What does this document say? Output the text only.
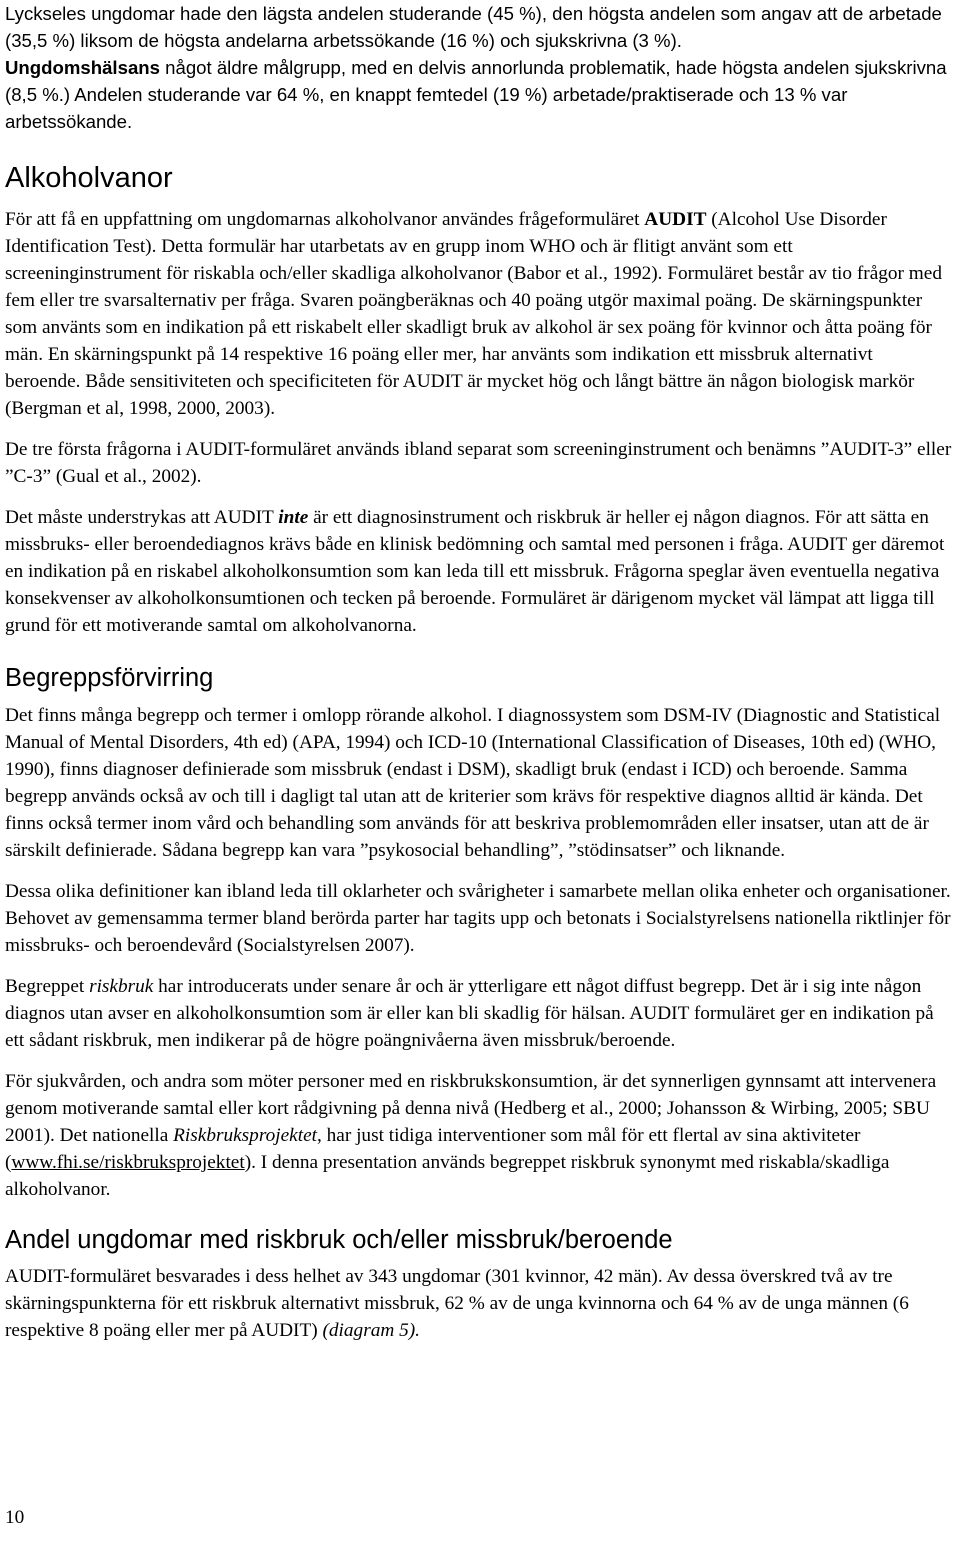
Lyckseles ungdomar hade den lägsta andelen studerande (45 %), den högsta andelen som angav att de arbetade (35,5 %) liksom de högsta andelarna arbetssökande (16 %) och sjukskrivna (3 %).

Ungdomshälsans något äldre målgrupp, med en delvis annorlunda problematik, hade högsta andelen sjukskrivna (8,5 %.) Andelen studerande var 64 %, en knappt femtedel (19 %) arbetade/praktiserade och 13 % var arbetssökande.

Alkoholvanor

För att få en uppfattning om ungdomarnas alkoholvanor användes frågeformuläret AUDIT (Alcohol Use Disorder Identification Test). Detta formulär har utarbetats av en grupp inom WHO och är flitigt använt som ett screeninginstrument för riskabla och/eller skadliga alkoholvanor (Babor et al., 1992). Formuläret består av tio frågor med fem eller tre svarsalternativ per fråga. Svaren poängberäknas och 40 poäng utgör maximal poäng. De skärningspunkter som använts som en indikation på ett riskabelt eller skadligt bruk av alkohol är sex poäng för kvinnor och åtta poäng för män. En skärningspunkt på 14 respektive 16 poäng eller mer, har använts som indikation ett missbruk alternativt beroende. Både sensitiviteten och specificiteten för AUDIT är mycket hög och långt bättre än någon biologisk markör (Bergman et al, 1998, 2000, 2003).

De tre första frågorna i AUDIT-formuläret används ibland separat som screeninginstrument och benämns ”AUDIT-3” eller ”C-3” (Gual et al., 2002).

Det måste understrykas att AUDIT inte är ett diagnosinstrument och riskbruk är heller ej någon diagnos. För att sätta en missbruks- eller beroendediagnos krävs både en klinisk bedömning och samtal med personen i fråga. AUDIT ger däremot en indikation på en riskabel alkoholkonsumtion som kan leda till ett missbruk. Frågorna speglar även eventuella negativa konsekvenser av alkoholkonsumtionen och tecken på beroende. Formuläret är därigenom mycket väl lämpat att ligga till grund för ett motiverande samtal om alkoholvanorna.

Begreppsförvirring

Det finns många begrepp och termer i omlopp rörande alkohol. I diagnossystem som DSM-IV (Diagnostic and Statistical Manual of Mental Disorders, 4th ed) (APA, 1994) och ICD-10 (International Classification of Diseases, 10th ed) (WHO, 1990), finns diagnoser definierade som missbruk (endast i DSM), skadligt bruk (endast i ICD) och beroende. Samma begrepp används också av och till i dagligt tal utan att de kriterier som krävs för respektive diagnos alltid är kända. Det finns också termer inom vård och behandling som används för att beskriva problemområden eller insatser, utan att de är särskilt definierade. Sådana begrepp kan vara ”psykosocial behandling”, ”stödinsatser” och liknande.

Dessa olika definitioner kan ibland leda till oklarheter och svårigheter i samarbete mellan olika enheter och organisationer. Behovet av gemensamma termer bland berörda parter har tagits upp och betonats i Socialstyrelsens nationella riktlinjer för missbruks- och beroendevård (Socialstyrelsen 2007).

Begreppet riskbruk har introducerats under senare år och är ytterligare ett något diffust begrepp. Det är i sig inte någon diagnos utan avser en alkoholkonsumtion som är eller kan bli skadlig för hälsan. AUDIT formuläret ger en indikation på ett sådant riskbruk, men indikerar på de högre poängnivåerna även missbruk/beroende.

För sjukvården, och andra som möter personer med en riskbrukskonsumtion, är det synnerligen gynnsamt att intervenera genom motiverande samtal eller kort rådgivning på denna nivå (Hedberg et al., 2000; Johansson & Wirbing, 2005; SBU 2001). Det nationella Riskbruksprojektet, har just tidiga interventioner som mål för ett flertal av sina aktiviteter (www.fhi.se/riskbruksprojektet). I denna presentation används begreppet riskbruk synonymt med riskabla/skadliga alkoholvanor.

Andel ungdomar med riskbruk och/eller missbruk/beroende

AUDIT-formuläret besvarades i dess helhet av 343 ungdomar (301 kvinnor, 42 män). Av dessa överskred två av tre skärningspunkterna för ett riskbruk alternativt missbruk, 62 % av de unga kvinnorna och 64 % av de unga männen (6 respektive 8 poäng eller mer på AUDIT) (diagram 5).

10
